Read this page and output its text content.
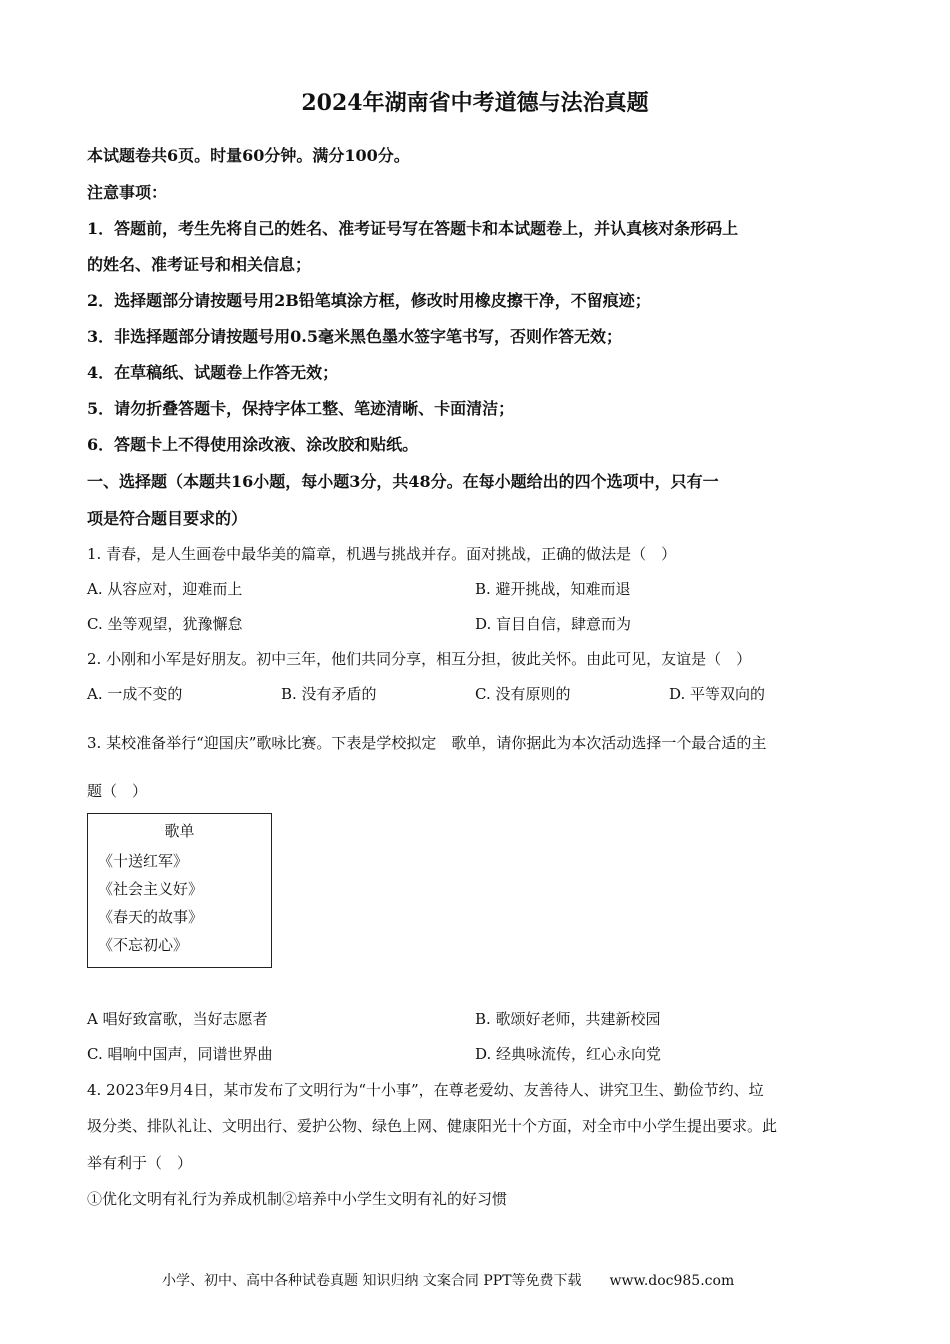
2024年湖南省中考道德与法治真题
本试题卷共6页。时量60分钟。满分100分。
注意事项：
1．答题前，考生先将自己的姓名、准考证号写在答题卡和本试题卷上，并认真核对条形码上
的姓名、准考证号和相关信息；
2．选择题部分请按题号用2B铅笔填涂方框，修改时用橡皮擦干净，不留痕迹；
3．非选择题部分请按题号用0.5毫米黑色墨水签字笔书写，否则作答无效；
4．在草稿纸、试题卷上作答无效；
5．请勿折叠答题卡，保持字体工整、笔迹清晰、卡面清洁；
6．答题卡上不得使用涂改液、涂改胶和贴纸。
一、选择题（本题共16小题，每小题3分，共48分。在每小题给出的四个选项中，只有一
项是符合题目要求的）
1. 青春，是人生画卷中最华美的篇章，机遇与挑战并存。面对挑战，正确的做法是（　）
A. 从容应对，迎难而上	B. 避开挑战，知难而退
C. 坐等观望，犹豫懈怠	D. 盲目自信，肆意而为
2. 小刚和小军是好朋友。初中三年，他们共同分享，相互分担，彼此关怀。由此可见，友谊是（　）
A. 一成不变的	B. 没有矛盾的	C. 没有原则的	D. 平等双向的
3. 某校准备举行“迎国庆”歌咏比赛。下表是学校拟定　歌单，请你据此为本次活动选择一个最合适的主
题（　）
歌单
《十送红军》
《社会主义好》
《春天的故事》
《不忘初心》
A 唱好致富歌，当好志愿者	B. 歌颂好老师，共建新校园
C. 唱响中国声，同谱世界曲	D. 经典咏流传，红心永向党
4. 2023年9月4日，某市发布了文明行为“十小事”，在尊老爱幼、友善待人、讲究卫生、勤俭节约、垃
圾分类、排队礼让、文明出行、爱护公物、绿色上网、健康阳光十个方面，对全市中小学生提出要求。此
举有利于（　）
①优化文明有礼行为养成机制②培养中小学生文明有礼的好习惯
小学、初中、高中各种试卷真题 知识归纳 文案合同 PPT等免费下载　　www.doc985.com
